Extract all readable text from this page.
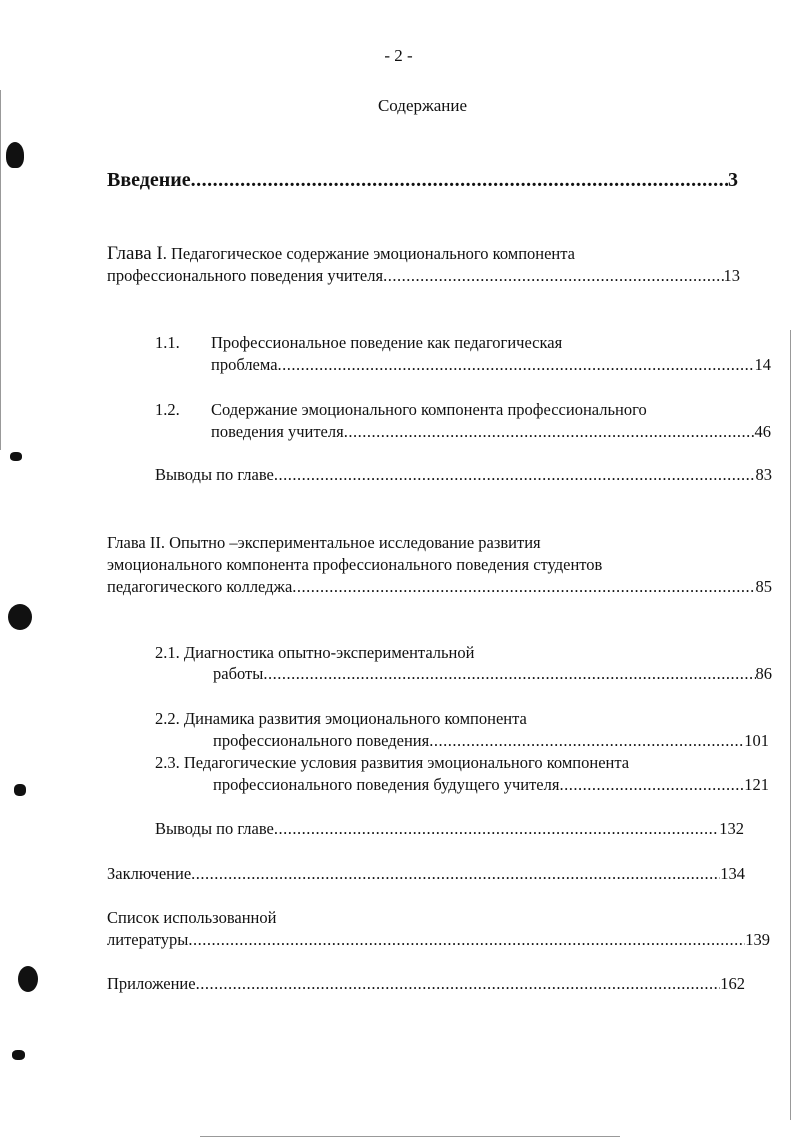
- 2 -
Содержание
Введение .....	3
Глава I. Педагогическое содержание эмоционального компонента
профессионального поведения учителя .....	13
1.1. Профессиональное поведение как педагогическая
проблема .....	14
1.2. Содержание эмоционального компонента профессионального
поведения учителя .....	46
Выводы по главе .....	83
Глава II. Опытно –экспериментальное исследование развития
эмоционального компонента профессионального поведения студентов
педагогического колледжа .....	85
2.1. Диагностика опытно-экспериментальной
работы .....	86
2.2. Динамика развития эмоционального компонента
профессионального поведения .....	101
2.3. Педагогические условия развития эмоционального компонента
профессионального поведения будущего учителя .....	121
Выводы по главе .....	132
Заключение .....	134
Список использованной
литературы .....	139
Приложение .....	162
